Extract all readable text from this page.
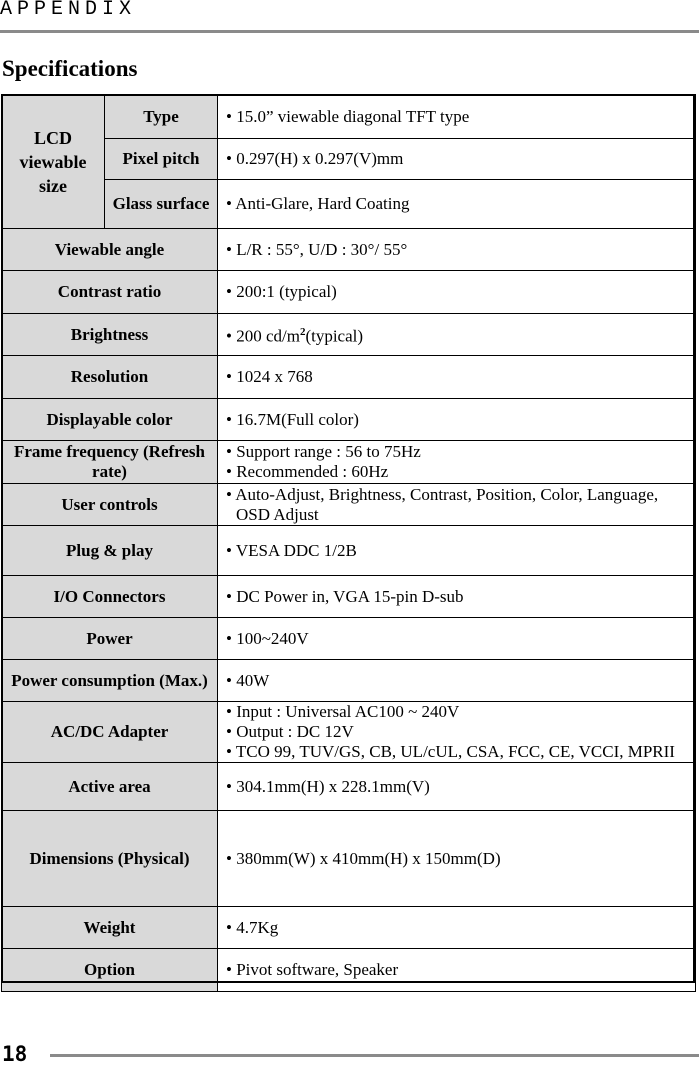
APPENDIX
Specifications
LCD viewable size	Type	• 15.0” viewable diagonal TFT type
	Pixel pitch	• 0.297(H) x 0.297(V)mm
	Glass surface	• Anti-Glare, Hard Coating
Viewable angle		• L/R : 55°, U/D : 30°/ 55°

Contrast ratio		• 200:1 (typical)

Brightness		• 200 $cd/m^2(typical)$

Resolution		• 1024 x 768

Displayable color		• 16.7M(Full color)

Frame frequency (Refresh rate)		• Support range : 56 to 75Hz
• Recommended : 60Hz

User controls		• Auto-Adjust, Brightness, Contrast, Position, Color, Language, OSD Adjust

Plug & play		• VESA DDC 1/2B

I/O Connectors		• DC Power in, VGA 15-pin D-sub

Power		• 100~240V

Power consumption (Max.)		• 40W

AC/DC Adapter		• Input : Universal AC100 ~ 240V
• Output : DC 12V
• TCO 99, TUV/GS, CB, UL/cUL, CSA, FCC, CE, VCCI, MPRII

Active area		• 304.1mm(H) x 228.1mm(V)

Dimensions (Physical)		• 380mm(W) x 410mm(H) x 150mm(D)

Weight		• 4.7Kg

Option		• Pivot software, Speaker
18
